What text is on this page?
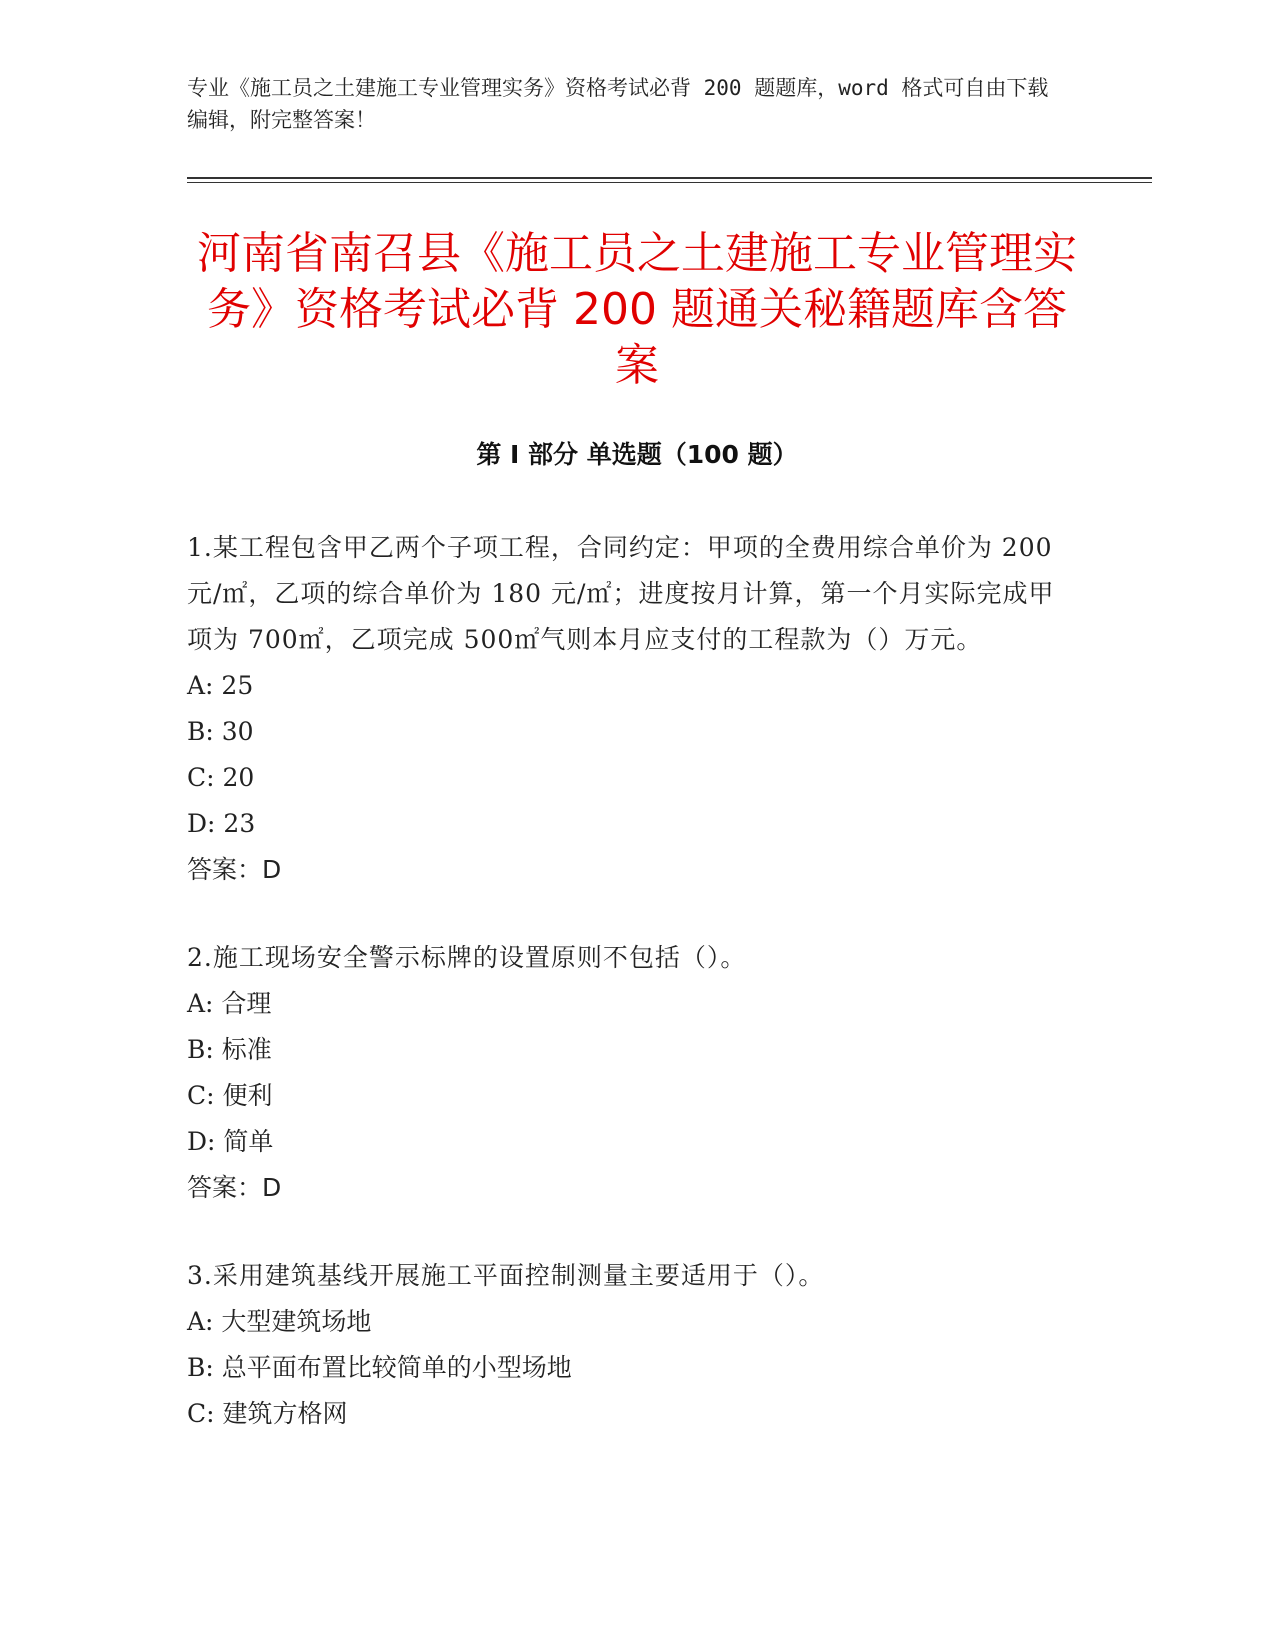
专业《施工员之土建施工专业管理实务》资格考试必背 200 题题库，word 格式可自由下载编辑，附完整答案！
河南省南召县《施工员之土建施工专业管理实务》资格考试必背 200 题通关秘籍题库含答案
第 I 部分 单选题（100 题）

1.某工程包含甲乙两个子项工程，合同约定：甲项的全费用综合单价为 200 元/㎡，乙项的综合单价为 180 元/㎡；进度按月计算，第一个月实际完成甲项为 700㎡，乙项完成 500㎡气则本月应支付的工程款为（）万元。

A: 25

B: 30

C: 20

D: 23

答案：D

2.施工现场安全警示标牌的设置原则不包括（）。

A: 合理

B: 标准

C: 便利

D: 简单

答案：D

3.采用建筑基线开展施工平面控制测量主要适用于（）。

A: 大型建筑场地

B: 总平面布置比较简单的小型场地

C: 建筑方格网
